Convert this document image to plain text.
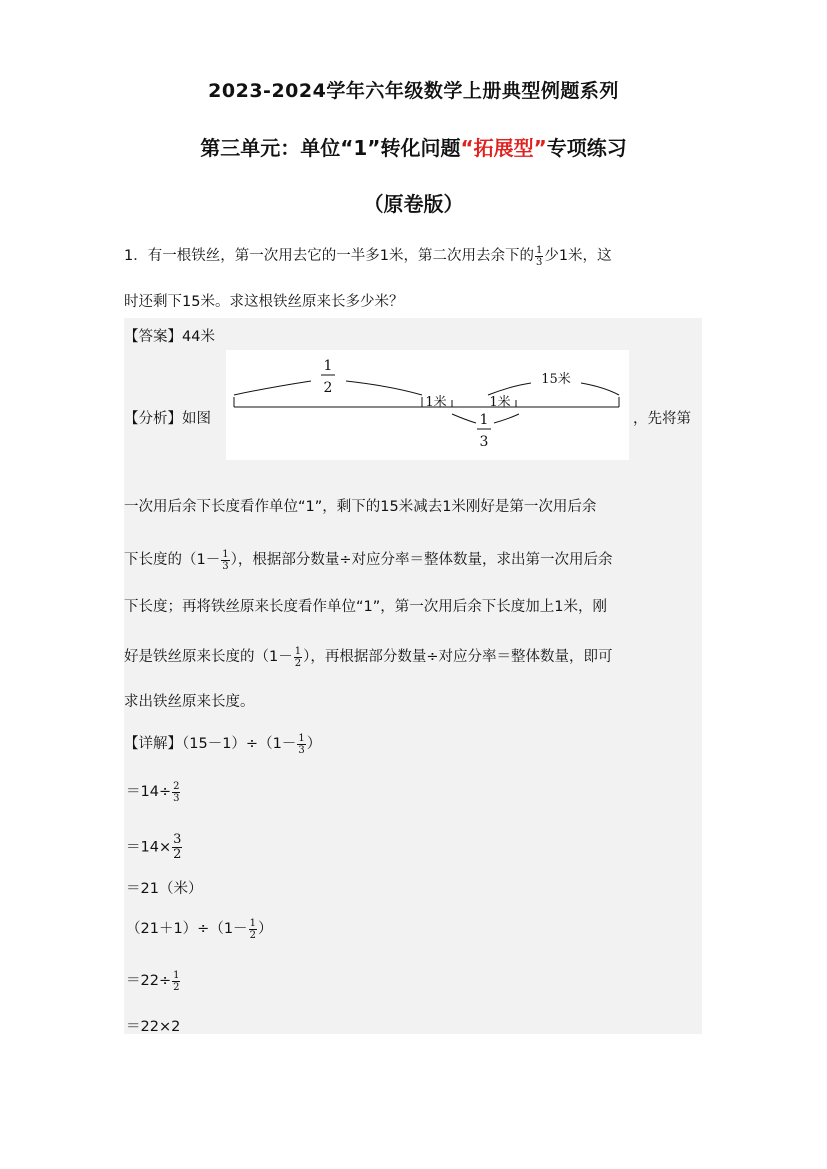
2023-2024学年六年级数学上册典型例题系列
第三单元：单位“1”转化问题“拓展型”专项练习
（原卷版）
1．有一根铁丝，第一次用去它的一半多1米，第二次用去余下的 $\frac{1}{3}$ 少1米，这
时还剩下15米。求这根铁丝原来长多少米？
【答案】44米
【分析】如图
1
2
1米	1米
15米
1
3
，先将第
一次用后余下长度看作单位“1”，剩下的15米减去1米刚好是第一次用后余
下长度的（$1- \frac{1}{3}$ ），根据部分数量÷对应分率＝整体数量，求出第一次用后余
下长度；再将铁丝原来长度看作单位“1”，第一次用后余下长度加上1米，刚
好是铁丝原来长度的（$1- \frac{1}{2}$ ），再根据部分数量÷对应分率＝整体数量，即可
求出铁丝原来长度。
【详解】$(15-1)\div(1- \frac{1}{3}$ ）
$=14\div \frac{2}{3}$
$=14\times \frac{3}{2}$
＝21（米）
$(21+1)\div(1- \frac{1}{2}$ ）
$=22\div \frac{1}{2}$
＝22×2
